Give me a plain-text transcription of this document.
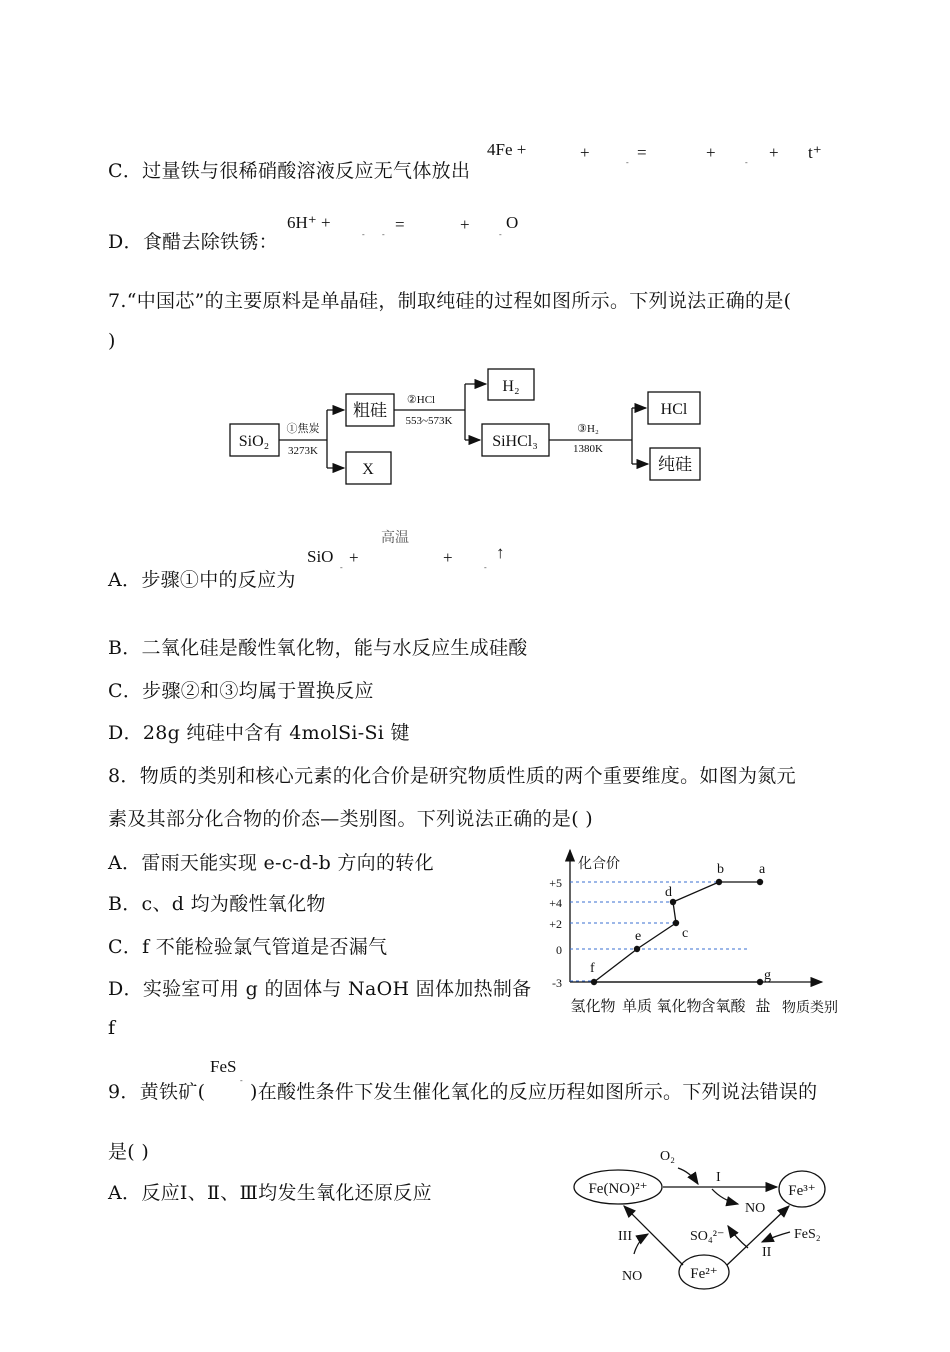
C．过量铁与很稀硝酸溶液反应无气体放出
4Fe +	+	=	+	+ t⁺
-	-
D．食醋去除铁锈：
6H⁺ +	=	+ O
- -	-
7.“中国芯”的主要原料是单晶硅，制取纯硅的过程如图所示。下列说法正确的是(
)
SiO₂
粗硅
X
H₂
SiHCl₃
HCl
纯硅
①焦炭
3273K
②HCl
553~573K
③H₂
1380K
A．步骤①中的反应为
高温
SiO +	+	↑
-	-
B．二氧化硅是酸性氧化物，能与水反应生成硅酸
C．步骤②和③均属于置换反应
D．28g 纯硅中含有 4molSi-Si 键
8．物质的类别和核心元素的化合价是研究物质性质的两个重要维度。如图为氮元
素及其部分化合物的价态—类别图。下列说法正确的是( )
A．雷雨天能实现 e-c-d-b 方向的转化
B．c、d 均为酸性氧化物
C．f 不能检验氯气管道是否漏气
D．实验室可用 g 的固体与 NaOH 固体加热制备
f
化合价
物质类别
+5
+4
+2
0
-3
氢化物 单质 氧化物
含氧酸 盐
f
e	c
d
b	a
g
9．黄铁矿(
FeS
-
)在酸性条件下发生催化氧化的反应历程如图所示。下列说法错误的
是( )
A．反应Ⅰ、Ⅱ、Ⅲ均发生氧化还原反应	Fe(NO)²⁺	Fe³⁺
Fe²⁺
O₂
NO
NO
SO₄²⁻	FeS₂
I
II
III
